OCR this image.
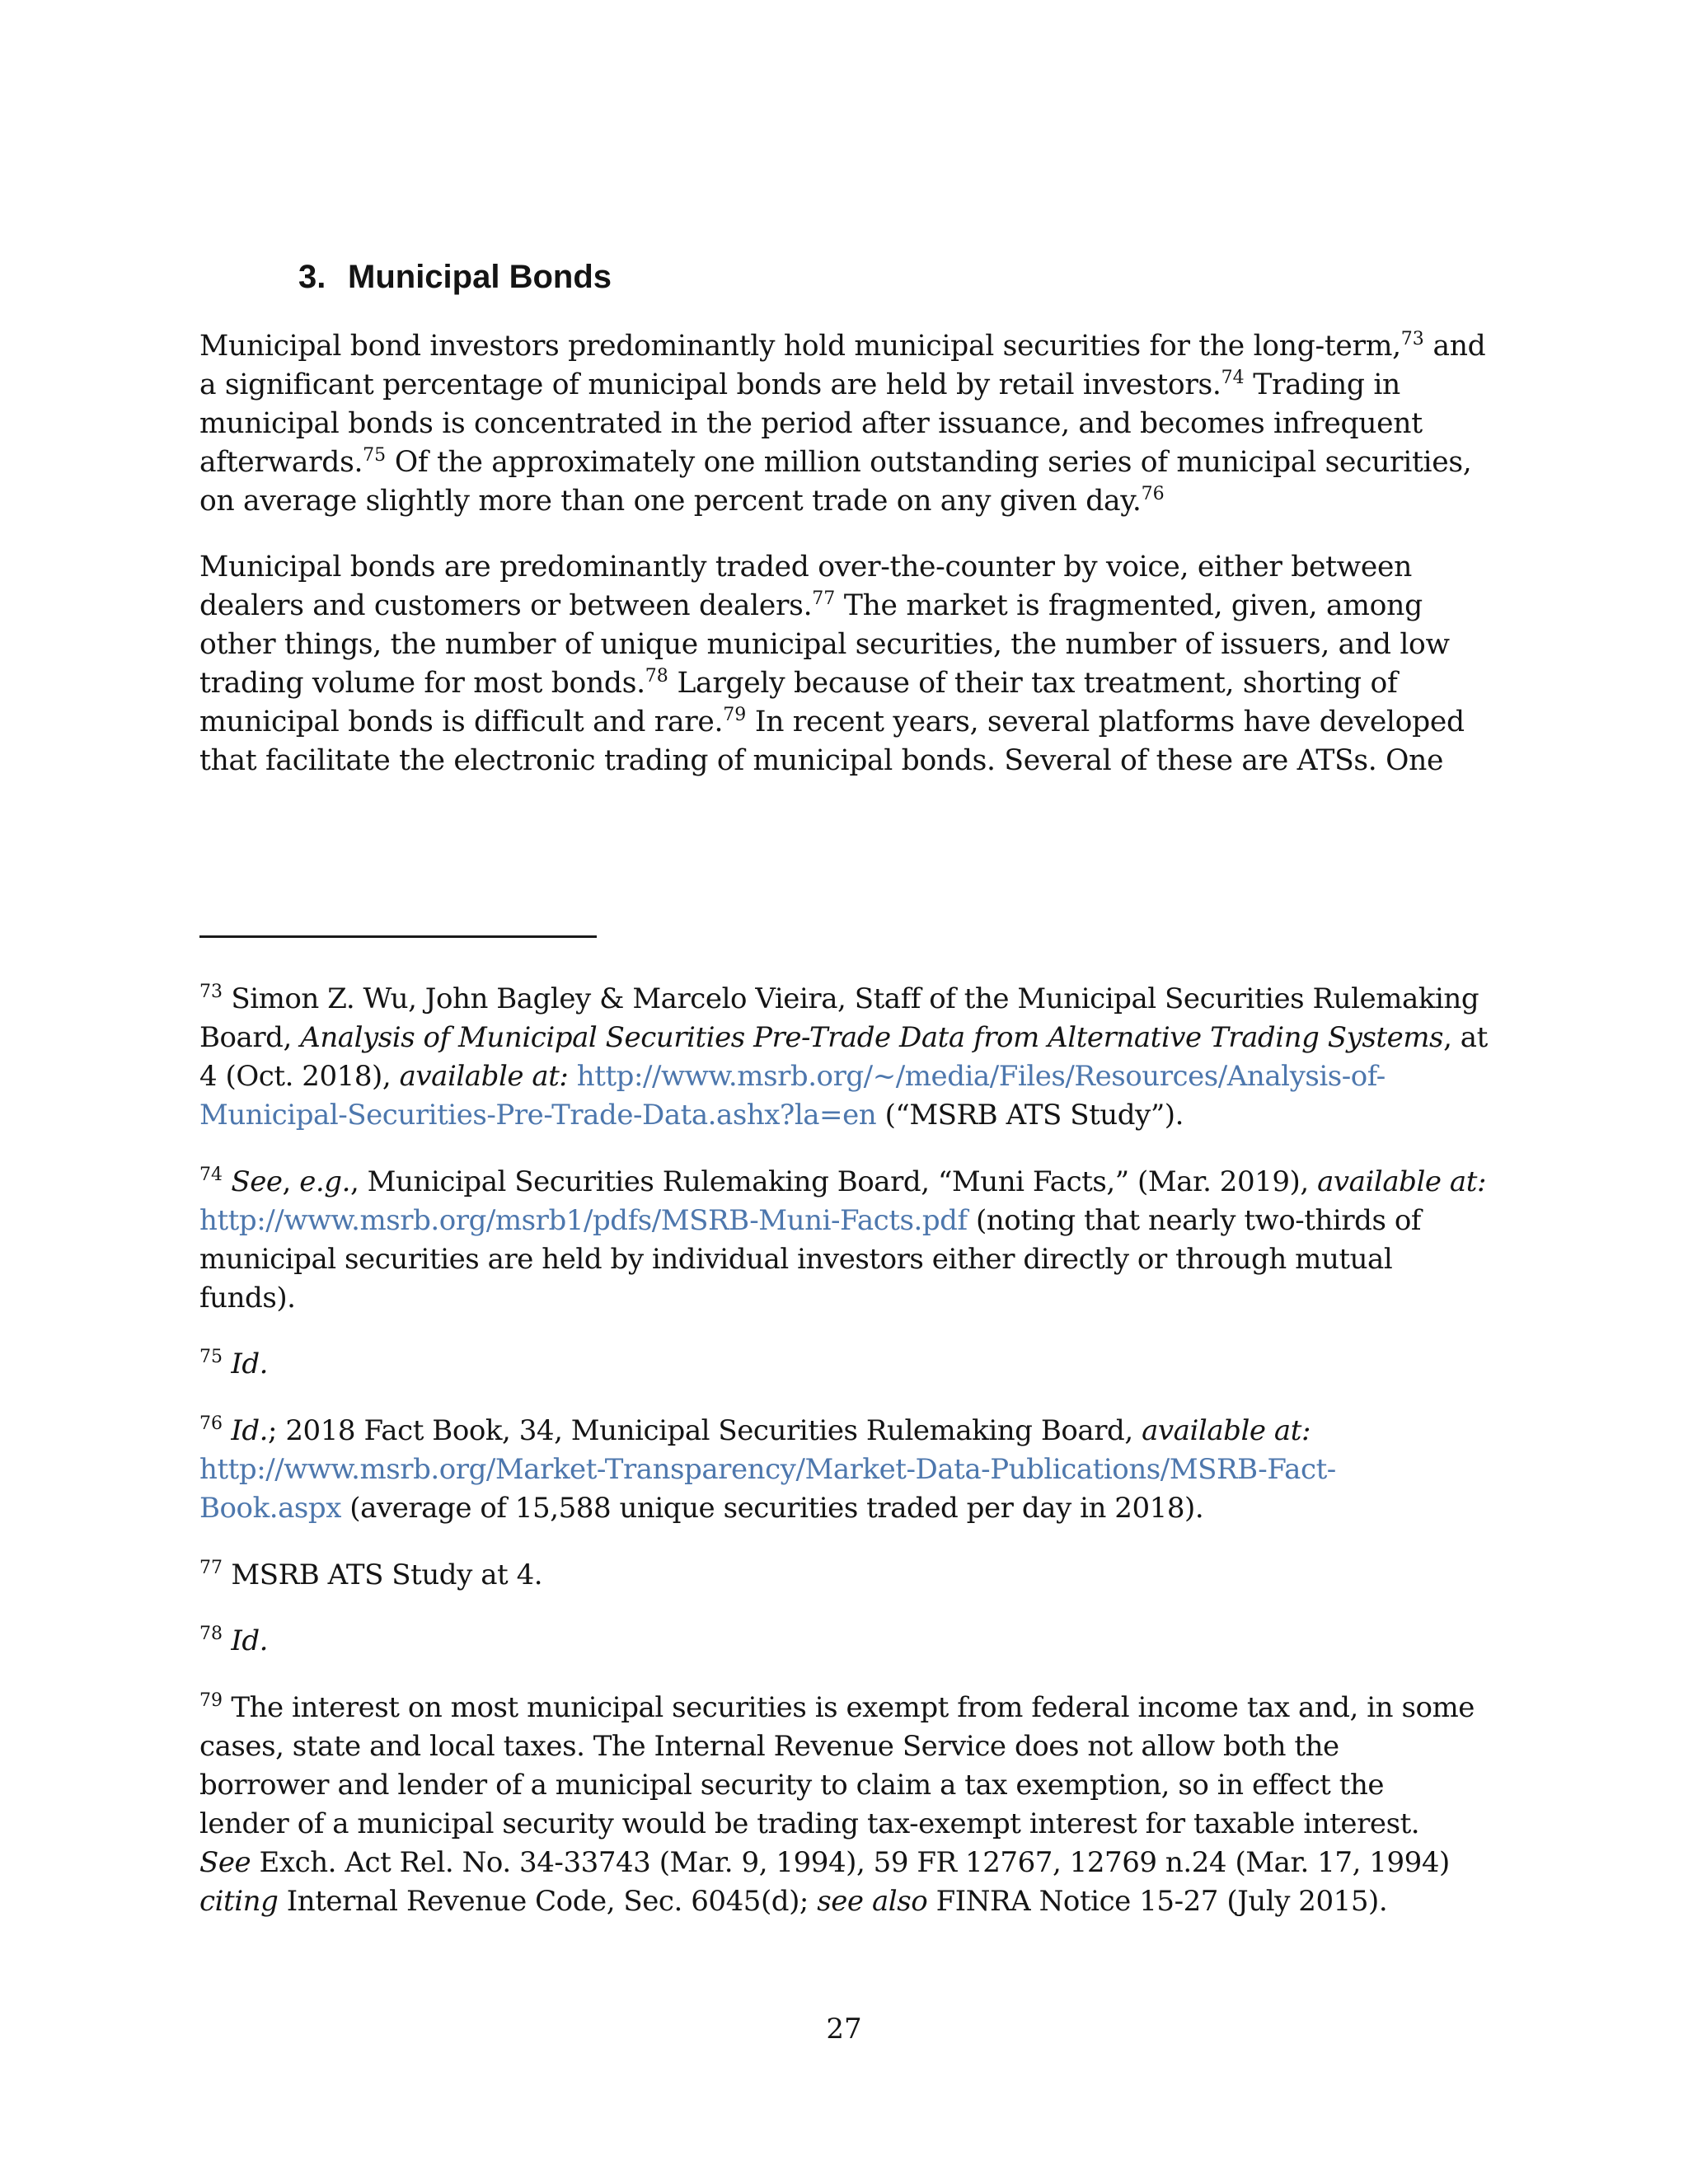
3. Municipal Bonds
Municipal bond investors predominantly hold municipal securities for the long-term,$^{73}$ and
a significant percentage of municipal bonds are held by retail investors.$^{74}$ Trading in
municipal bonds is concentrated in the period after issuance, and becomes infrequent
afterwards.$^{75}$ Of the approximately one million outstanding series of municipal securities,
on average slightly more than one percent trade on any given day.$^{76}$
Municipal bonds are predominantly traded over-the-counter by voice, either between
dealers and customers or between dealers.$^{77}$ The market is fragmented, given, among
other things, the number of unique municipal securities, the number of issuers, and low
trading volume for most bonds.$^{78}$ Largely because of their tax treatment, shorting of
municipal bonds is difficult and rare.$^{79}$ In recent years, several platforms have developed
that facilitate the electronic trading of municipal bonds. Several of these are ATSs. One
$^{73}$ Simon Z. Wu, John Bagley & Marcelo Vieira, Staff of the Municipal Securities Rulemaking
Board, Analysis of Municipal Securities Pre-Trade Data from Alternative Trading Systems, at
4 (Oct. 2018), available at: http://www.msrb.org/~/media/Files/Resources/Analysis-of-
Municipal-Securities-Pre-Trade-Data.ashx?la=en (“MSRB ATS Study”).
$^{74}$ See, e.g., Municipal Securities Rulemaking Board, “Muni Facts,” (Mar. 2019), available at:
http://www.msrb.org/msrb1/pdfs/MSRB-Muni-Facts.pdf (noting that nearly two-thirds of
municipal securities are held by individual investors either directly or through mutual
funds).
$^{75}$ Id.
$^{76}$ Id.; 2018 Fact Book, 34, Municipal Securities Rulemaking Board, available at:
http://www.msrb.org/Market-Transparency/Market-Data-Publications/MSRB-Fact-
Book.aspx (average of 15,588 unique securities traded per day in 2018).
$^{77}$ MSRB ATS Study at 4.
$^{78}$ Id.
$^{79}$ The interest on most municipal securities is exempt from federal income tax and, in some
cases, state and local taxes. The Internal Revenue Service does not allow both the
borrower and lender of a municipal security to claim a tax exemption, so in effect the
lender of a municipal security would be trading tax-exempt interest for taxable interest.
See Exch. Act Rel. No. 34-33743 (Mar. 9, 1994), 59 FR 12767, 12769 n.24 (Mar. 17, 1994)
citing Internal Revenue Code, Sec. 6045(d); see also FINRA Notice 15-27 (July 2015).
27
